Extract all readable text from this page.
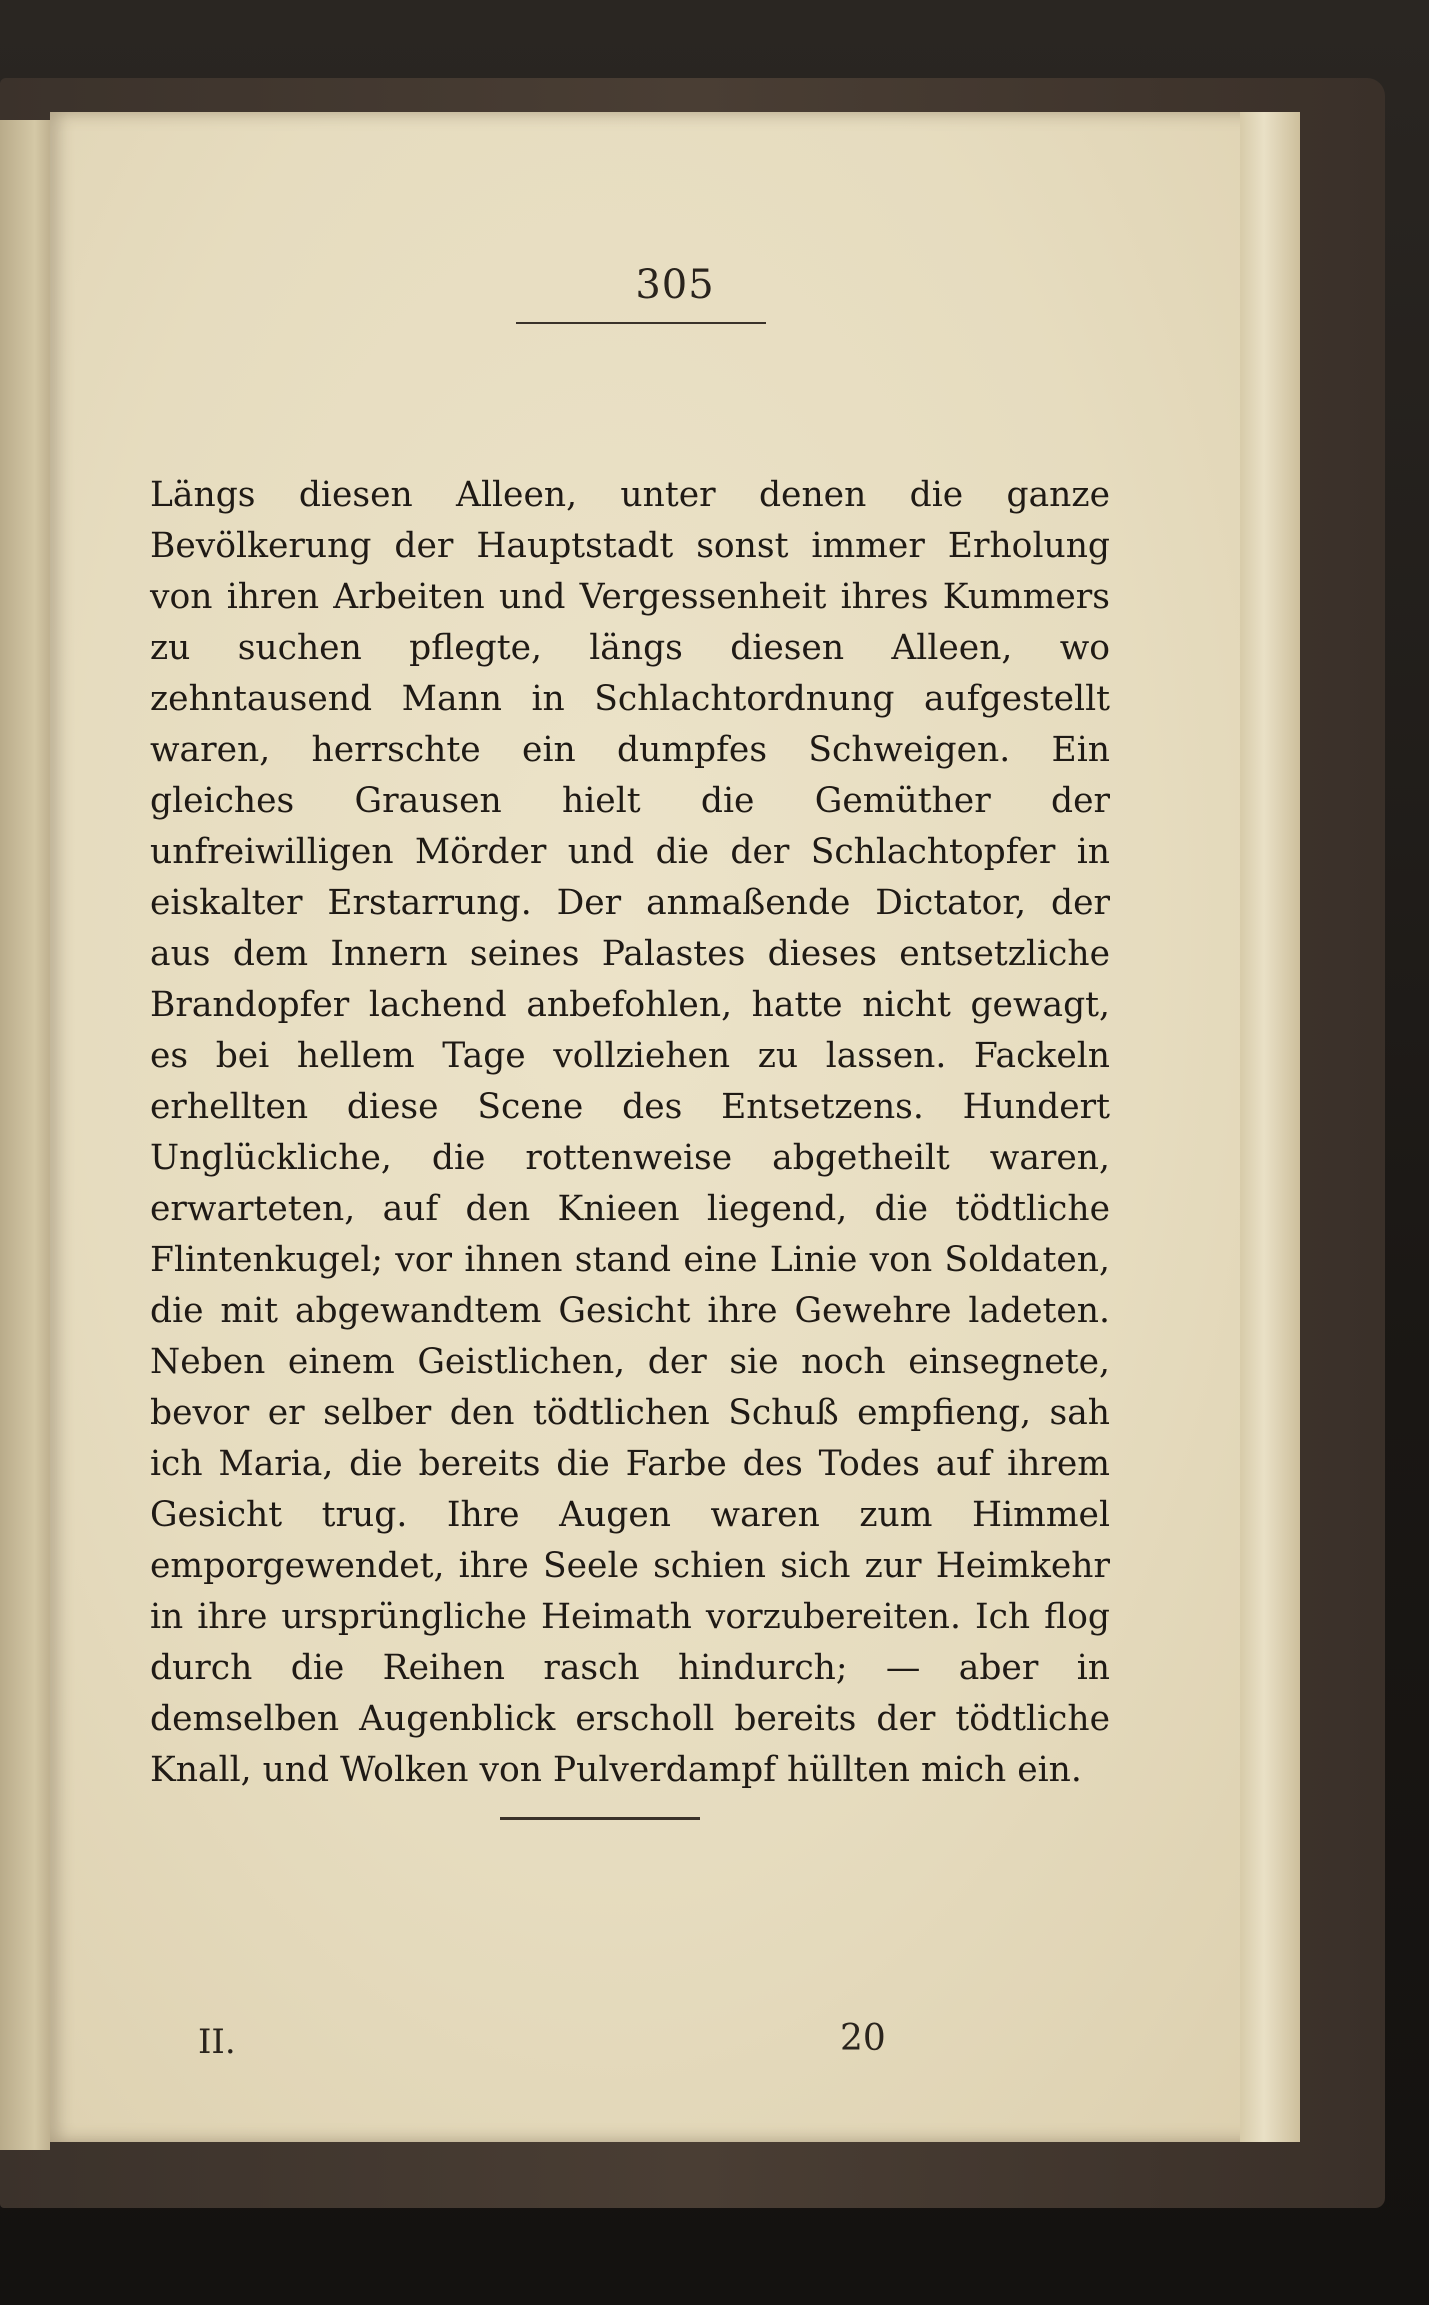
305
Längs diesen Alleen, unter denen die ganze Bevölkerung der Hauptstadt sonst immer Erholung von ihren Arbeiten und Vergessenheit ihres Kummers zu suchen pflegte, längs diesen Alleen, wo zehntausend Mann in Schlachtordnung aufgestellt waren, herrschte ein dumpfes Schweigen. Ein gleiches Grausen hielt die Gemüther der unfreiwilligen Mörder und die der Schlachtopfer in eiskalter Erstarrung. Der anmaßende Dictator, der aus dem Innern seines Palastes dieses entsetzliche Brandopfer lachend anbefohlen, hatte nicht gewagt, es bei hellem Tage vollziehen zu lassen. Fackeln erhellten diese Scene des Entsetzens. Hundert Unglückliche, die rottenweise abgetheilt waren, erwarteten, auf den Knieen liegend, die tödtliche Flintenkugel; vor ihnen stand eine Linie von Soldaten, die mit abgewandtem Gesicht ihre Gewehre ladeten. Neben einem Geistlichen, der sie noch einsegnete, bevor er selber den tödtlichen Schuß empfieng, sah ich Maria, die bereits die Farbe des Todes auf ihrem Gesicht trug. Ihre Augen waren zum Himmel emporgewendet, ihre Seele schien sich zur Heimkehr in ihre ursprüngliche Heimath vorzubereiten. Ich flog durch die Reihen rasch hindurch; — aber in demselben Augenblick erscholl bereits der tödtliche Knall, und Wolken von Pulverdampf hüllten mich ein.
II.	20
